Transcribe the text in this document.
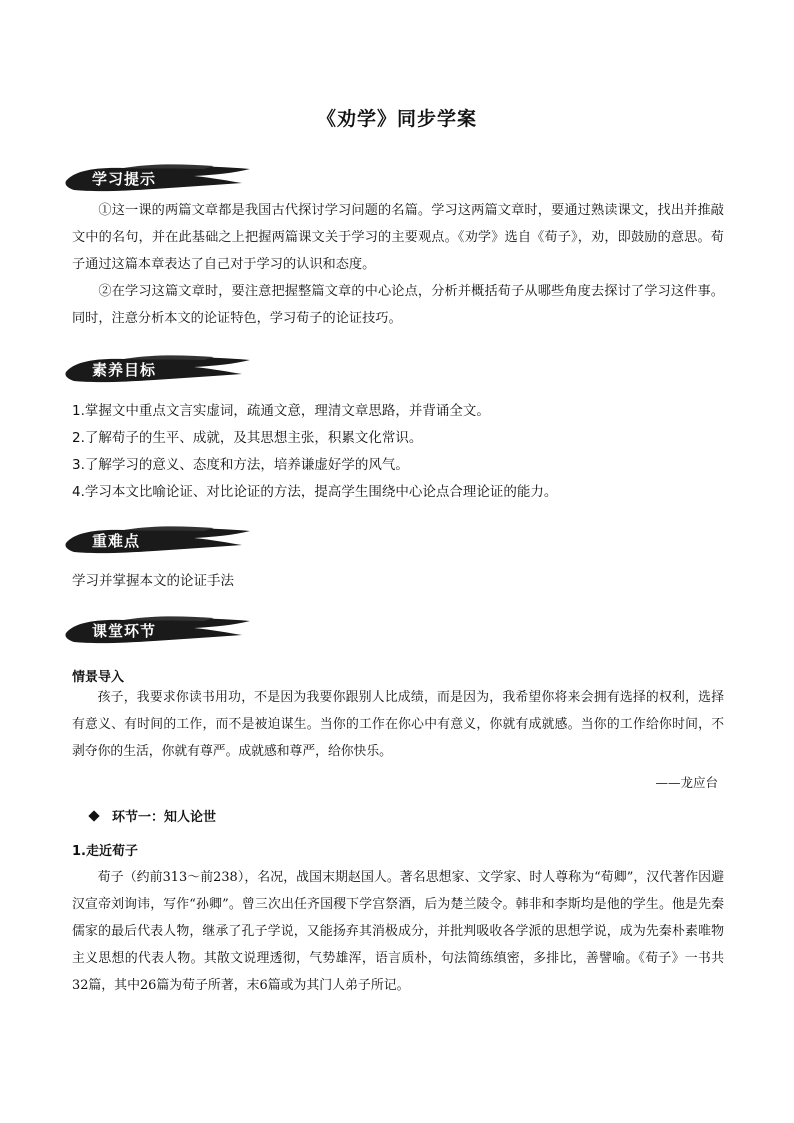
《劝学》同步学案
学习提示

①这一课的两篇文章都是我国古代探讨学习问题的名篇。学习这两篇文章时，要通过熟读课文，找出并推敲文中的名句，并在此基础之上把握两篇课文关于学习的主要观点。《劝学》选自《荀子》，劝，即鼓励的意思。荀子通过这篇本章表达了自己对于学习的认识和态度。

②在学习这篇文章时，要注意把握整篇文章的中心论点，分析并概括荀子从哪些角度去探讨了学习这件事。同时，注意分析本文的论证特色，学习荀子的论证技巧。

素养目标

1.掌握文中重点文言实虚词，疏通文意，理清文章思路，并背诵全文。

2.了解荀子的生平、成就，及其思想主张，积累文化常识。

3.了解学习的意义、态度和方法，培养谦虚好学的风气。

4.学习本文比喻论证、对比论证的方法，提高学生围绕中心论点合理论证的能力。

重难点

学习并掌握本文的论证手法

课堂环节

情景导入

孩子，我要求你读书用功，不是因为我要你跟别人比成绩，而是因为，我希望你将来会拥有选择的权利，选择有意义、有时间的工作，而不是被迫谋生。当你的工作在你心中有意义，你就有成就感。当你的工作给你时间，不剥夺你的生活，你就有尊严。成就感和尊严，给你快乐。

——龙应台
环节一：知人论世

1.走近荀子

荀子（约前313～前238），名况，战国末期赵国人。著名思想家、文学家、时人尊称为“荀卿”，汉代著作因避汉宣帝刘询讳，写作“孙卿”。曾三次出任齐国稷下学宫祭酒，后为楚兰陵令。韩非和李斯均是他的学生。他是先秦儒家的最后代表人物，继承了孔子学说，又能扬弃其消极成分，并批判吸收各学派的思想学说，成为先秦朴素唯物主义思想的代表人物。其散文说理透彻，气势雄浑，语言质朴，句法简练缜密，多排比，善譬喻。《荀子》一书共32篇，其中26篇为荀子所著，末6篇或为其门人弟子所记。
